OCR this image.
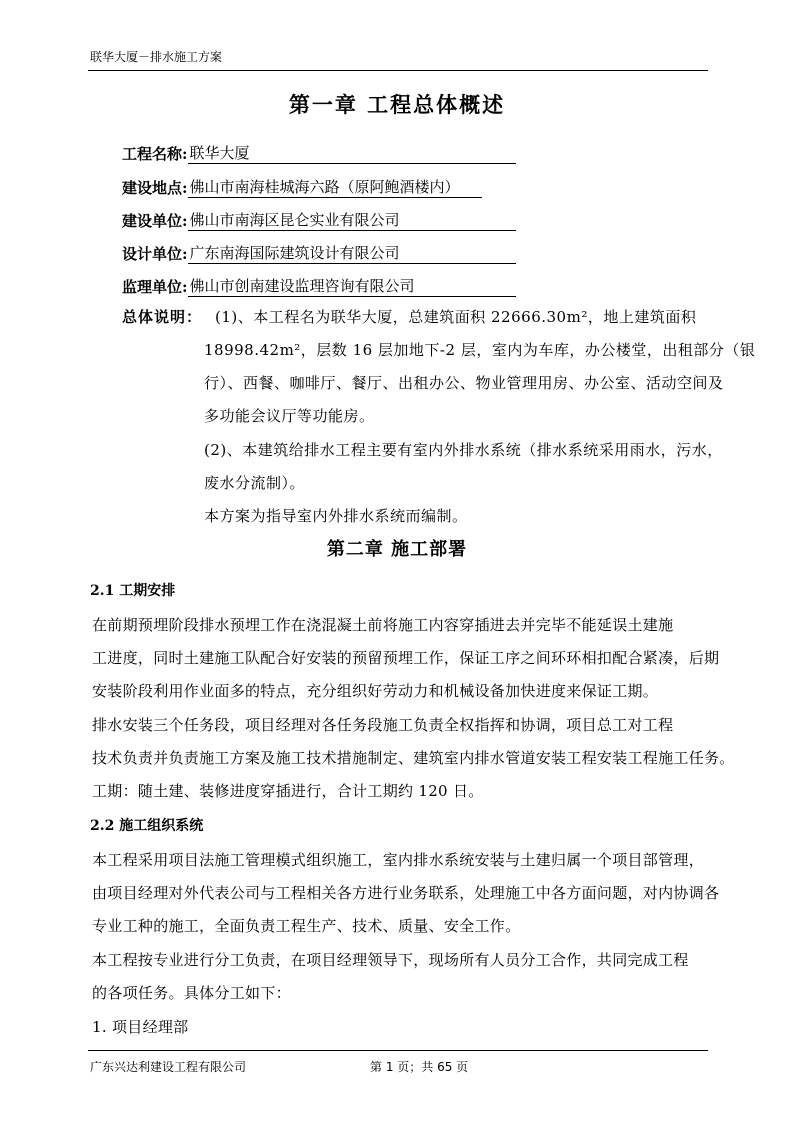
联华大厦－排水施工方案
第一章 工程总体概述
工程名称: 联华大厦
建设地点: 佛山市南海桂城海六路（原阿鲍酒楼内）
建设单位: 佛山市南海区昆仑实业有限公司
设计单位: 广东南海国际建筑设计有限公司
监理单位: 佛山市创南建设监理咨询有限公司
总体说明： (1)、本工程名为联华大厦，总建筑面积 22666.30m²，地上建筑面积
18998.42m²，层数 16 层加地下-2 层，室内为车库，办公楼堂，出租部分（银
行）、西餐、咖啡厅、餐厅、出租办公、物业管理用房、办公室、活动空间及
多功能会议厅等功能房。
(2)、本建筑给排水工程主要有室内外排水系统（排水系统采用雨水，污水，
废水分流制）。
本方案为指导室内外排水系统而编制。
第二章 施工部署
2.1 工期安排
在前期预埋阶段排水预埋工作在浇混凝土前将施工内容穿插进去并完毕不能延误土建施
工进度，同时土建施工队配合好安装的预留预埋工作，保证工序之间环环相扣配合紧凑，后期
安装阶段利用作业面多的特点，充分组织好劳动力和机械设备加快进度来保证工期。
排水安装三个任务段，项目经理对各任务段施工负责全权指挥和协调，项目总工对工程
技术负责并负责施工方案及施工技术措施制定、建筑室内排水管道安装工程安装工程施工任务。
工期：随土建、装修进度穿插进行，合计工期约 120 日。
2.2 施工组织系统
本工程采用项目法施工管理模式组织施工，室内排水系统安装与土建归属一个项目部管理，
由项目经理对外代表公司与工程相关各方进行业务联系，处理施工中各方面问题，对内协调各
专业工种的施工，全面负责工程生产、技术、质量、安全工作。
本工程按专业进行分工负责，在项目经理领导下，现场所有人员分工合作，共同完成工程
的各项任务。具体分工如下：
1. 项目经理部
广东兴达利建设工程有限公司	第 1 页；共 65 页
